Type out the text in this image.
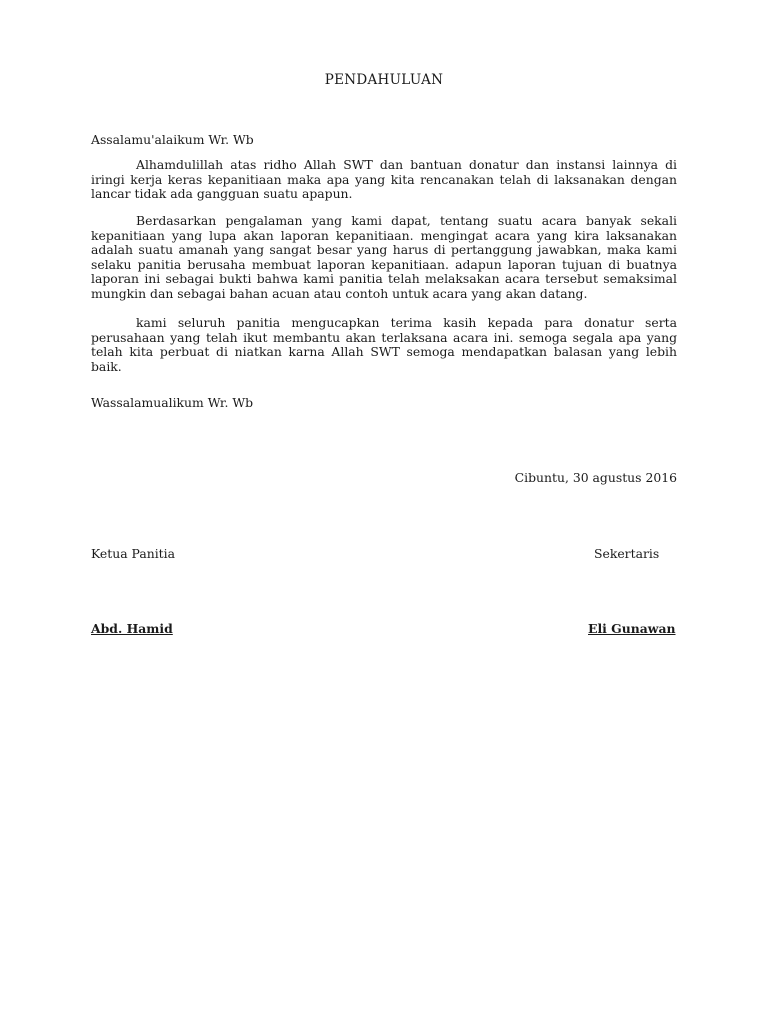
PENDAHULUAN
Assalamu'alaikum Wr. Wb

Alhamdulillah atas ridho Allah SWT dan bantuan donatur dan instansi lainnya di iringi kerja keras kepanitiaan maka apa yang kita rencanakan telah di laksanakan dengan lancar tidak ada gangguan suatu apapun.

Berdasarkan pengalaman yang kami dapat, tentang suatu acara banyak sekali kepanitiaan yang lupa akan laporan kepanitiaan. mengingat acara yang kira laksanakan adalah suatu amanah yang sangat besar yang harus di pertanggung jawabkan, maka kami selaku panitia berusaha membuat laporan kepanitiaan. adapun laporan tujuan di buatnya laporan ini sebagai bukti bahwa kami panitia telah melaksakan acara tersebut semaksimal mungkin dan sebagai bahan acuan atau contoh untuk acara yang akan datang.

kami seluruh panitia mengucapkan terima kasih kepada para donatur serta perusahaan yang telah ikut membantu akan terlaksana acara ini. semoga segala apa yang telah kita perbuat di niatkan karna Allah SWT semoga mendapatkan balasan yang lebih baik.

Wassalamualikum Wr. Wb
Cibuntu, 30 agustus 2016
Ketua Panitia	Sekertaris
Abd. Hamid	Eli Gunawan
